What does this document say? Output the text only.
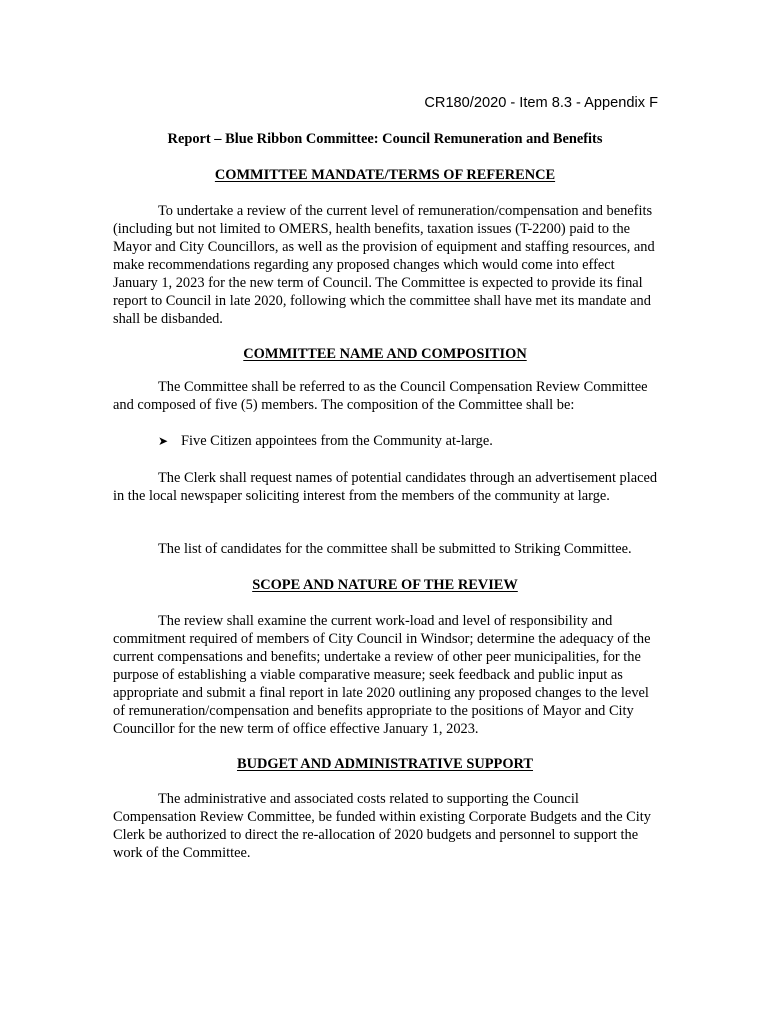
CR180/2020 - Item 8.3 - Appendix F
Report – Blue Ribbon Committee: Council Remuneration and Benefits
COMMITTEE MANDATE/TERMS OF REFERENCE

To undertake a review of the current level of remuneration/compensation and benefits (including but not limited to OMERS, health benefits, taxation issues (T-2200) paid to the Mayor and City Councillors, as well as the provision of equipment and staffing resources, and make recommendations regarding any proposed changes which would come into effect January 1, 2023 for the new term of Council. The Committee is expected to provide its final report to Council in late 2020, following which the committee shall have met its mandate and shall be disbanded.

COMMITTEE NAME AND COMPOSITION

The Committee shall be referred to as the Council Compensation Review Committee and composed of five (5) members. The composition of the Committee shall be:

➤ Five Citizen appointees from the Community at-large.

The Clerk shall request names of potential candidates through an advertisement placed in the local newspaper soliciting interest from the members of the community at large.

The list of candidates for the committee shall be submitted to Striking Committee.

SCOPE AND NATURE OF THE REVIEW

The review shall examine the current work-load and level of responsibility and commitment required of members of City Council in Windsor; determine the adequacy of the current compensations and benefits; undertake a review of other peer municipalities, for the purpose of establishing a viable comparative measure; seek feedback and public input as appropriate and submit a final report in late 2020 outlining any proposed changes to the level of remuneration/compensation and benefits appropriate to the positions of Mayor and City Councillor for the new term of office effective January 1, 2023.

BUDGET AND ADMINISTRATIVE SUPPORT

The administrative and associated costs related to supporting the Council Compensation Review Committee, be funded within existing Corporate Budgets and the City Clerk be authorized to direct the re-allocation of 2020 budgets and personnel to support the work of the Committee.
